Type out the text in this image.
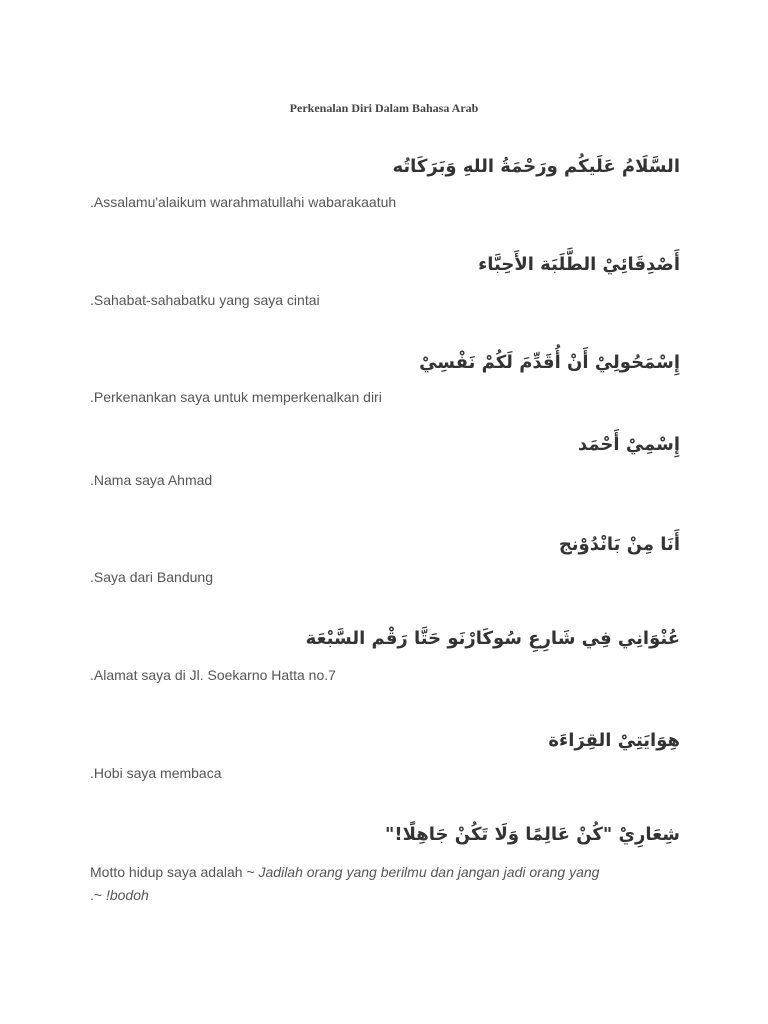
Perkenalan Diri Dalam Bahasa Arab
السَّلَامُ عَلَيكُم ورَحْمَةُ اللهِ وَبَرَكَاتُه
.Assalamu'alaikum warahmatullahi wabarakaatuh
أَصْدِقَائِيْ الطَّلَبَة الأَحِبَّاء
.Sahabat-sahabatku yang saya cintai
إِسْمَحُولِيْ أَنْ أُقَدِّمَ لَكُمْ نَفْسِيْ
.Perkenankan saya untuk memperkenalkan diri
إِسْمِيْ أَحْمَد
.Nama saya Ahmad
أَنَا مِنْ بَانْدُوْنج
.Saya dari Bandung
عُنْوَانِي فِي شَارِعِ سُوكَارْنَو حَتَّا رَقْم السَّبْعَة
.Alamat saya di Jl. Soekarno Hatta no.7
هِوَايَتِيْ القِرَاءَة
.Hobi saya membaca
شِعَارِيْ "كُنْ عَالِمًا وَلَا تَكُنْ جَاهِلًا!"
Motto hidup saya adalah ~ Jadilah orang yang berilmu dan jangan jadi orang yang
.~ !bodoh
